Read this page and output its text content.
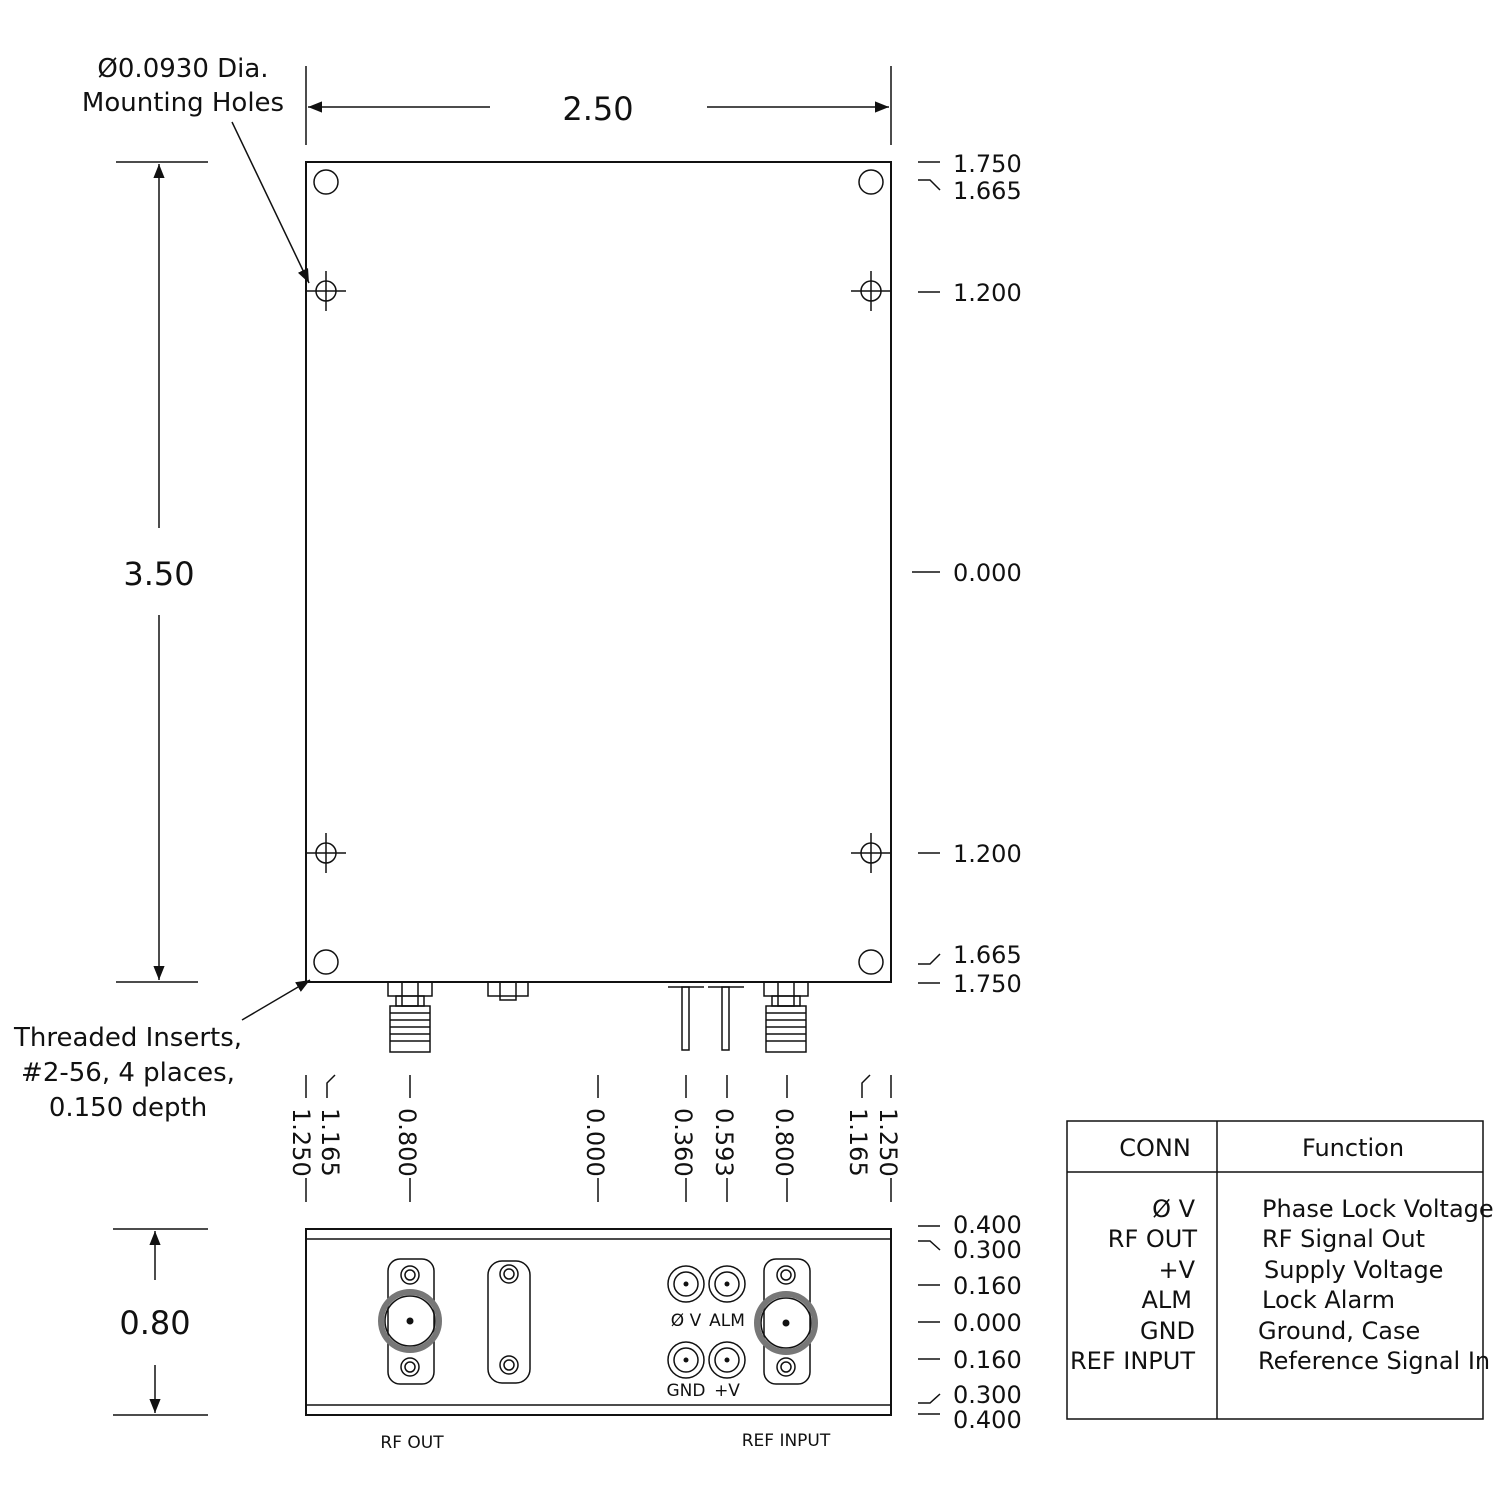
2.50
3.50
Ø0.0930 Dia.
Mounting Holes
Threaded Inserts,
#2-56, 4 places,
0.150 depth
1.750
1.665
1.200
0.000
1.200
1.665
1.750
1.250 1.165 0.800	0.000	0.360 0.593 0.800 1.165 1.250
Ø V ALM
GND +V
RF OUT	REF INPUT
0.80
0.400
0.300
0.160
0.000
0.160
0.300
0.400
CONN	Function
Ø V	Phase Lock Voltage
RF OUT	RF Signal Out
+V	Supply Voltage
ALM	Lock Alarm
GND	Ground, Case
REF INPUT	Reference Signal In
